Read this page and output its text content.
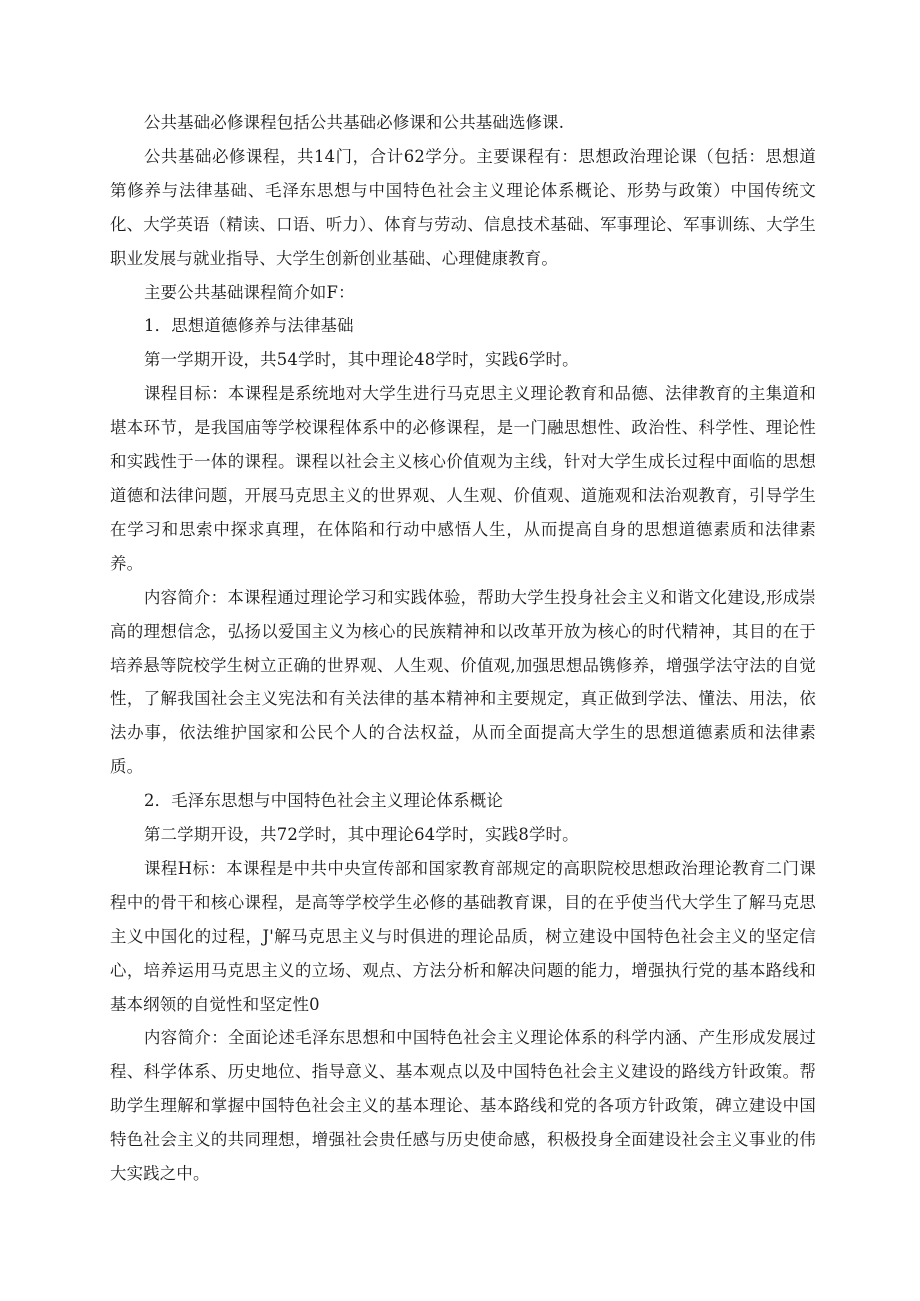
公共基础必修课程包括公共基础必修课和公共基础选修课.

公共基础必修课程，共14门，合计62学分。主要课程有：思想政治理论课（包括：思想道第修养与法律基础、毛泽东思想与中国特色社会主义理论体系概论、形势与政策）中国传统文化、大学英语（精读、口语、听力）、体育与劳动、信息技术基础、军事理论、军事训练、大学生职业发展与就业指导、大学生创新创业基础、心理健康教育。

主要公共基础课程简介如F：

1．思想道德修养与法律基础

第一学期开设，共54学时，其中理论48学时，实践6学时。

课程目标：本课程是系统地对大学生进行马克思主义理论教育和品德、法律教育的主集道和堪本环节，是我国庙等学校课程体系中的必修课程，是一门融思想性、政治性、科学性、理论性和实践性于一体的课程。课程以社会主义核心价值观为主线，针对大学生成长过程中面临的思想道德和法律问题，开展马克思主义的世界观、人生观、价值观、道施观和法治观教育，引导学生在学习和思索中探求真理，在体陷和行动中感悟人生，从而提高自身的思想道德素质和法律素养。

内容简介：本课程通过理论学习和实践体验，帮助大学生投身社会主义和谐文化建设,形成崇高的理想信念，弘扬以爱国主义为核心的民族精神和以改革开放为核心的时代精神，其目的在于培养悬等院校学生树立正确的世界观、人生观、价值观,加强思想品镌修养，增强学法守法的自觉性，了解我国社会主义宪法和有关法律的基本精神和主要规定，真正做到学法、懂法、用法，依法办事，依法维护国家和公民个人的合法权益，从而全面提高大学生的思想道德素质和法律素质。

2．毛泽东思想与中国特色社会主义理论体系概论

第二学期开设，共72学时，其中理论64学时，实践8学时。

课程H标：本课程是中共中央宣传部和国家教育部规定的高职院校思想政治理论教育二门课程中的骨干和核心课程，是高等学校学生必修的基础教育课，目的在乎使当代大学生了解马克思主义中国化的过程，J'解马克思主义与时俱进的理论品质，树立建设中国特色社会主义的坚定信心，培养运用马克思主义的立场、观点、方法分析和解决问题的能力，增强执行党的基本路线和基本纲领的自觉性和坚定性0

内容简介：全面论述毛泽东思想和中国特色社会主义理论体系的科学内涵、产生形成发展过程、科学体系、历史地位、指导意义、基本观点以及中国特色社会主义建设的路线方针政策。帮助学生理解和掌握中国特色社会主义的基本理论、基本路线和党的各项方针政策，碑立建设中国特色社会主义的共同理想，增强社会贵任感与历史使命感，积极投身全面建设社会主义事业的伟大实践之中。
